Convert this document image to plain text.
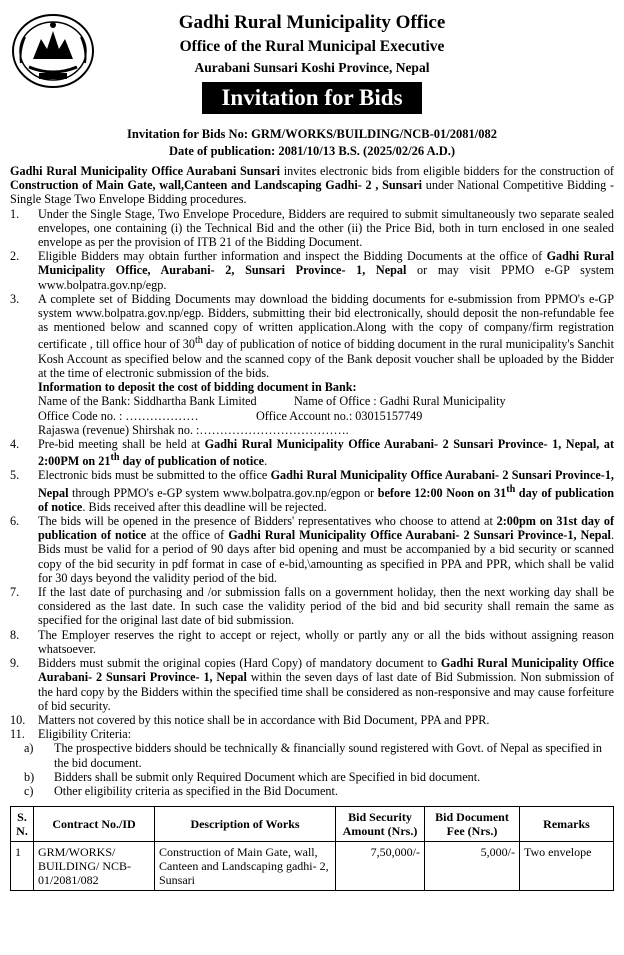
Gadhi Rural Municipality Office
Office of the Rural Municipal Executive
Aurabani Sunsari Koshi Province, Nepal
Invitation for Bids
Invitation for Bids No: GRM/WORKS/BUILDING/NCB-01/2081/082
Date of publication: 2081/10/13 B.S. (2025/02/26 A.D.)
Gadhi Rural Municipality Office Aurabani Sunsari invites electronic bids from eligible bidders for the construction of Construction of Main Gate, wall,Canteen and Landscaping Gadhi- 2 , Sunsari under National Competitive Bidding - Single Stage Two Envelope Bidding procedures.
1.	Under the Single Stage, Two Envelope Procedure, Bidders are required to submit simultaneously two separate sealed envelopes, one containing (i) the Technical Bid and the other (ii) the Price Bid, both in turn enclosed in one sealed envelope as per the provision of ITB 21 of the Bidding Document.
2.	Eligible Bidders may obtain further information and inspect the Bidding Documents at the office of Gadhi Rural Municipality Office, Aurabani- 2, Sunsari Province- 1, Nepal or may visit PPMO e-GP system www.bolpatra.gov.np/egp.
3.	A complete set of Bidding Documents may download the bidding documents for e-submission from PPMO's e-GP system www.bolpatra.gov.np/egp. Bidders, submitting their bid electronically, should deposit the non-refundable fee as mentioned below and scanned copy of written application.Along with the copy of company/firm registration certificate , till office hour of 30th day of publication of notice of bidding document in the rural municipality's Sanchit Kosh Account as specified below and the scanned copy of the Bank deposit voucher shall be uploaded by the Bidder at the time of electronic submission of the bids.
Information to deposit the cost of bidding document in Bank:
Name of the Bank: Siddhartha Bank Limited	Name of Office : Gadhi Rural Municipality
Office Code no. : ………………	Office Account no.: 03015157749
Rajaswa (revenue) Shirshak no. :……………………………….
4.	Pre-bid meeting shall be held at Gadhi Rural Municipality Office Aurabani- 2 Sunsari Province- 1, Nepal, at 2:00PM on 21th day of publication of notice.
5.	Electronic bids must be submitted to the office Gadhi Rural Municipality Office Aurabani- 2 Sunsari Province-1, Nepal through PPMO's e-GP system www.bolpatra.gov.np/egpon or before 12:00 Noon on 31th day of publication of notice. Bids received after this deadline will be rejected.
6.	The bids will be opened in the presence of Bidders' representatives who choose to attend at 2:00pm on 31st day of publication of notice at the office of Gadhi Rural Municipality Office Aurabani- 2 Sunsari Province-1, Nepal. Bids must be valid for a period of 90 days after bid opening and must be accompanied by a bid security or scanned copy of the bid security in pdf format in case of e-bid,\amounting as specified in PPA and PPR, which shall be valid for 30 days beyond the validity period of the bid.
7.	If the last date of purchasing and /or submission falls on a government holiday, then the next working day shall be considered as the last date. In such case the validity period of the bid and bid security shall remain the same as specified for the original last date of bid submission.
8.	The Employer reserves the right to accept or reject, wholly or partly any or all the bids without assigning reason whatsoever.
9.	Bidders must submit the original copies (Hard Copy) of mandatory document to Gadhi Rural Municipality Office Aurabani- 2 Sunsari Province- 1, Nepal within the seven days of last date of Bid Submission. Non submission of the hard copy by the Bidders within the specified time shall be considered as non-responsive and may cause forfeiture of bid security.
10.	Matters not covered by this notice shall be in accordance with Bid Document, PPA and PPR.
11.	Eligibility Criteria:
a)	The prospective bidders should be technically & financially sound registered with Govt. of Nepal as specified in the bid document.
b)	Bidders shall be submit only Required Document which are Specified in bid document.
c)	Other eligibility criteria as specified in the Bid Document.
S. N.	Contract No./ID	Description of Works	Bid Security Amount (Nrs.)	Bid Document Fee (Nrs.)	Remarks
1	GRM/WORKS/ BUILDING/ NCB-01/2081/082	Construction of Main Gate, wall, Canteen and Landscaping gadhi- 2, Sunsari	7,50,000/-	5,000/-	Two envelope
